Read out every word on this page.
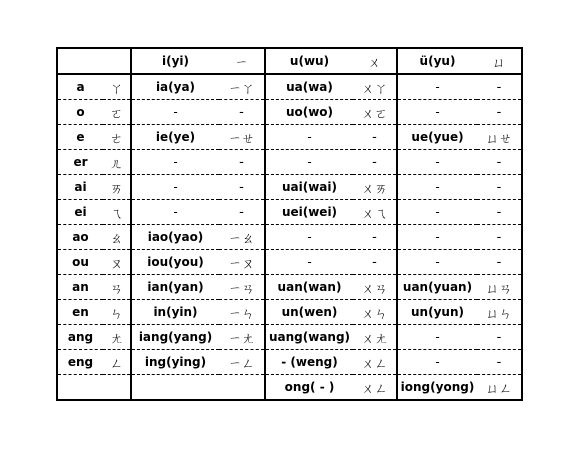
		i(yi)	ㄧ	u(wu)	ㄨ	ü(yu)	ㄩ
a	ㄚ	ia(ya)	ㄧㄚ	ua(wa)	ㄨㄚ	-	-
o	ㄛ	-	-	uo(wo)	ㄨㄛ	-	-
e	ㄜ	ie(ye)	ㄧㄝ	-	-	ue(yue)	ㄩㄝ
er	ㄦ	-	-	-	-	-	-
ai	ㄞ	-	-	uai(wai)	ㄨㄞ	-	-
ei	ㄟ	-	-	uei(wei)	ㄨㄟ	-	-
ao	ㄠ	iao(yao)	ㄧㄠ	-	-	-	-
ou	ㄡ	iou(you)	ㄧㄡ	-	-	-	-
an	ㄢ	ian(yan)	ㄧㄢ	uan(wan)	ㄨㄢ	uan(yuan)	ㄩㄢ
en	ㄣ	in(yin)	ㄧㄣ	un(wen)	ㄨㄣ	un(yun)	ㄩㄣ
ang	ㄤ	iang(yang)	ㄧㄤ	uang(wang)	ㄨㄤ	-	-
eng	ㄥ	ing(ying)	ㄧㄥ	- (weng)	ㄨㄥ	-	-
				ong( - )	ㄨㄥ	iong(yong)	ㄩㄥ
